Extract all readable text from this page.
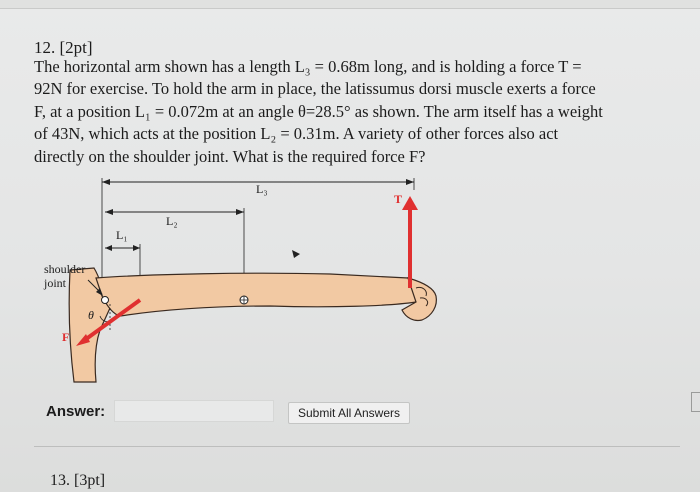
12. [2pt]

The horizontal arm shown has a length L₃ = 0.68m long, and is holding a force T =

92N for exercise. To hold the arm in place, the latissumus dorsi muscle exerts a force

F, at a position L₁ = 0.072m at an angle θ=28.5° as shown. The arm itself has a weight

of 43N, which acts at the position L₂ = 0.31m. A variety of other forces also act

directly on the shoulder joint. What is the required force F?

L₃
L₂
L₁
T
shoulder
joint
θ
F
Answer:	Submit All Answers
13. [3pt]
